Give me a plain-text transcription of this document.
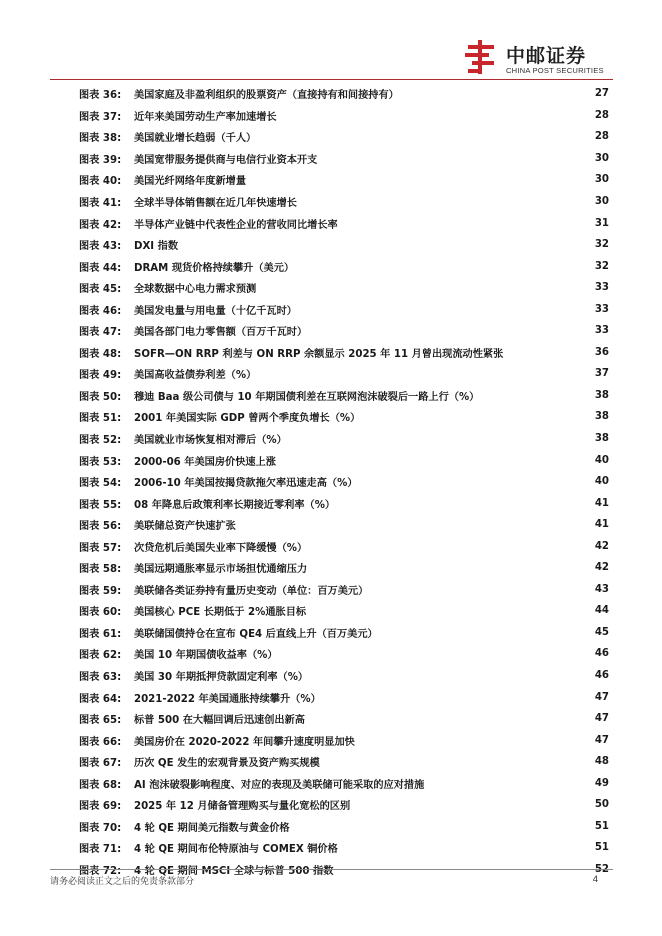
中邮证券
CHINA POST SECURITIES
图表 36:	美国家庭及非盈利组织的股票资产（直接持有和间接持有）	27
图表 37:	近年来美国劳动生产率加速增长	28
图表 38:	美国就业增长趋弱（千人）	28
图表 39:	美国宽带服务提供商与电信行业资本开支	30
图表 40:	美国光纤网络年度新增量	30
图表 41:	全球半导体销售额在近几年快速增长	30
图表 42:	半导体产业链中代表性企业的营收同比增长率	31
图表 43:	DXI 指数	32
图表 44:	DRAM 现货价格持续攀升（美元）	32
图表 45:	全球数据中心电力需求预测	33
图表 46:	美国发电量与用电量（十亿千瓦时）	33
图表 47:	美国各部门电力零售额（百万千瓦时）	33
图表 48:	SOFR—ON RRP 利差与 ON RRP 余额显示 2025 年 11 月曾出现流动性紧张	36
图表 49:	美国高收益债券利差（%）	37
图表 50:	穆迪 Baa 级公司债与 10 年期国债利差在互联网泡沫破裂后一路上行（%）	38
图表 51:	2001 年美国实际 GDP 曾两个季度负增长（%）	38
图表 52:	美国就业市场恢复相对滞后（%）	38
图表 53:	2000-06 年美国房价快速上涨	40
图表 54:	2006-10 年美国按揭贷款拖欠率迅速走高（%）	40
图表 55:	08 年降息后政策利率长期接近零利率（%）	41
图表 56:	美联储总资产快速扩张	41
图表 57:	次贷危机后美国失业率下降缓慢（%）	42
图表 58:	美国远期通胀率显示市场担忧通缩压力	42
图表 59:	美联储各类证券持有量历史变动（单位：百万美元）	43
图表 60:	美国核心 PCE 长期低于 2%通胀目标	44
图表 61:	美联储国债持仓在宣布 QE4 后直线上升（百万美元）	45
图表 62:	美国 10 年期国债收益率（%）	46
图表 63:	美国 30 年期抵押贷款固定利率（%）	46
图表 64:	2021-2022 年美国通胀持续攀升（%）	47
图表 65:	标普 500 在大幅回调后迅速创出新高	47
图表 66:	美国房价在 2020-2022 年间攀升速度明显加快	47
图表 67:	历次 QE 发生的宏观背景及资产购买规模	48
图表 68:	AI 泡沫破裂影响程度、对应的表现及美联储可能采取的应对措施	49
图表 69:	2025 年 12 月储备管理购买与量化宽松的区别	50
图表 70:	4 轮 QE 期间美元指数与黄金价格	51
图表 71:	4 轮 QE 期间布伦特原油与 COMEX 铜价格	51
图表 72:	4 轮 QE 期间 MSCI 全球与标普 500 指数	52
请务必阅读正文之后的免责条款部分	4
